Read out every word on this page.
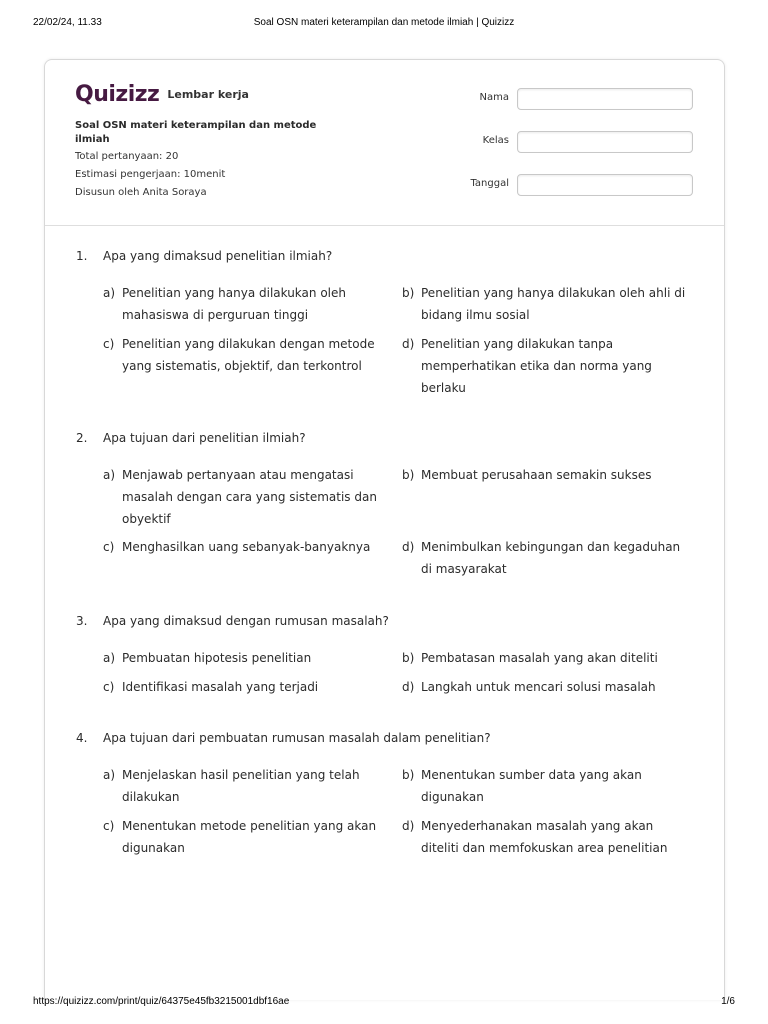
22/02/24, 11.33	Soal OSN materi keterampilan dan metode ilmiah | Quizizz
Quizizz Lembar kerja
Soal OSN materi keterampilan dan metode ilmiah
Total pertanyaan: 20
Estimasi pengerjaan: 10menit
Disusun oleh Anita Soraya
Nama
Kelas
Tanggal
1. Apa yang dimaksud penelitian ilmiah?
a) Penelitian yang hanya dilakukan oleh mahasiswa di perguruan tinggi
b) Penelitian yang hanya dilakukan oleh ahli di bidang ilmu sosial
c) Penelitian yang dilakukan dengan metode yang sistematis, objektif, dan terkontrol
d) Penelitian yang dilakukan tanpa memperhatikan etika dan norma yang berlaku
2. Apa tujuan dari penelitian ilmiah?
a) Menjawab pertanyaan atau mengatasi masalah dengan cara yang sistematis dan obyektif
b) Membuat perusahaan semakin sukses
c) Menghasilkan uang sebanyak-banyaknya	d) Menimbulkan kebingungan dan kegaduhan di masyarakat
3. Apa yang dimaksud dengan rumusan masalah?
a) Pembuatan hipotesis penelitian	b) Pembatasan masalah yang akan diteliti
c) Identifikasi masalah yang terjadi	d) Langkah untuk mencari solusi masalah
4. Apa tujuan dari pembuatan rumusan masalah dalam penelitian?
a) Menjelaskan hasil penelitian yang telah dilakukan
b) Menentukan sumber data yang akan digunakan
c) Menentukan metode penelitian yang akan digunakan
d) Menyederhanakan masalah yang akan diteliti dan memfokuskan area penelitian
https://quizizz.com/print/quiz/64375e45fb3215001dbf16ae	1/6
